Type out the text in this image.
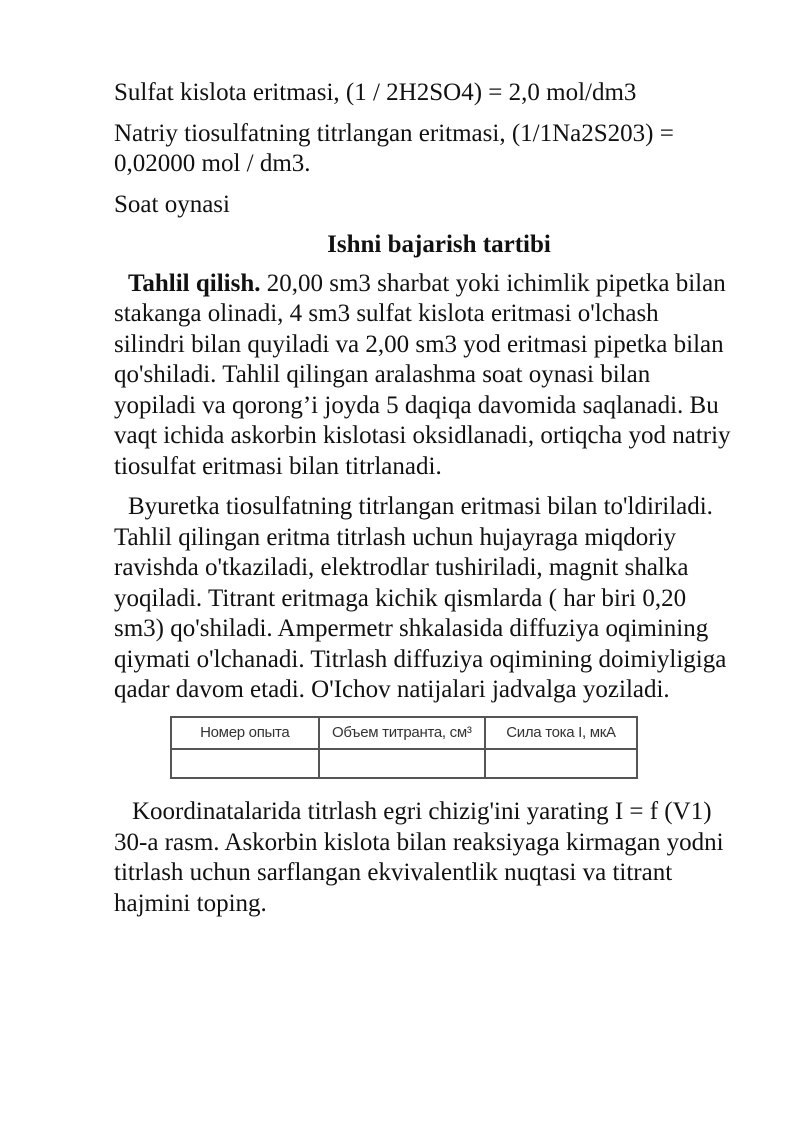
Sulfat kislota eritmasi, (1 / 2H2SO4) = 2,0 mol/dm3

Natriy tiosulfatning titrlangan eritmasi, (1/1Na2S203) = 0,02000 mol / dm3.

Soat oynasi

Ishni bajarish tartibi

Tahlil qilish. 20,00 sm3 sharbat yoki ichimlik pipetka bilan stakanga olinadi, 4 sm3 sulfat kislota eritmasi o'lchash silindri bilan quyiladi va 2,00 sm3 yod eritmasi pipetka bilan qo'shiladi. Tahlil qilingan aralashma soat oynasi bilan yopiladi va qorong’i joyda 5 daqiqa davomida saqlanadi. Bu vaqt ichida askorbin kislotasi oksidlanadi, ortiqcha yod natriy tiosulfat eritmasi bilan titrlanadi.

Byuretka tiosulfatning titrlangan eritmasi bilan to'ldiriladi. Tahlil qilingan eritma titrlash uchun hujayraga miqdoriy ravishda o'tkaziladi, elektrodlar tushiriladi, magnit shalka yoqiladi. Titrant eritmaga kichik qismlarda ( har biri 0,20 sm3) qo'shiladi. Ampermetr shkalasida diffuziya oqimining qiymati o'lchanadi. Titrlash diffuziya oqimining doimiyligiga qadar davom etadi. O'Ichov natijalari jadvalga yoziladi.

Номер опыта	Объем титранта, см³	Сила тока I, мкА

Koordinatalarida titrlash egri chizig'ini yarating I = f (V1) 30-a rasm. Askorbin kislota bilan reaksiyaga kirmagan yodni titrlash uchun sarflangan ekvivalentlik nuqtasi va titrant hajmini toping.
